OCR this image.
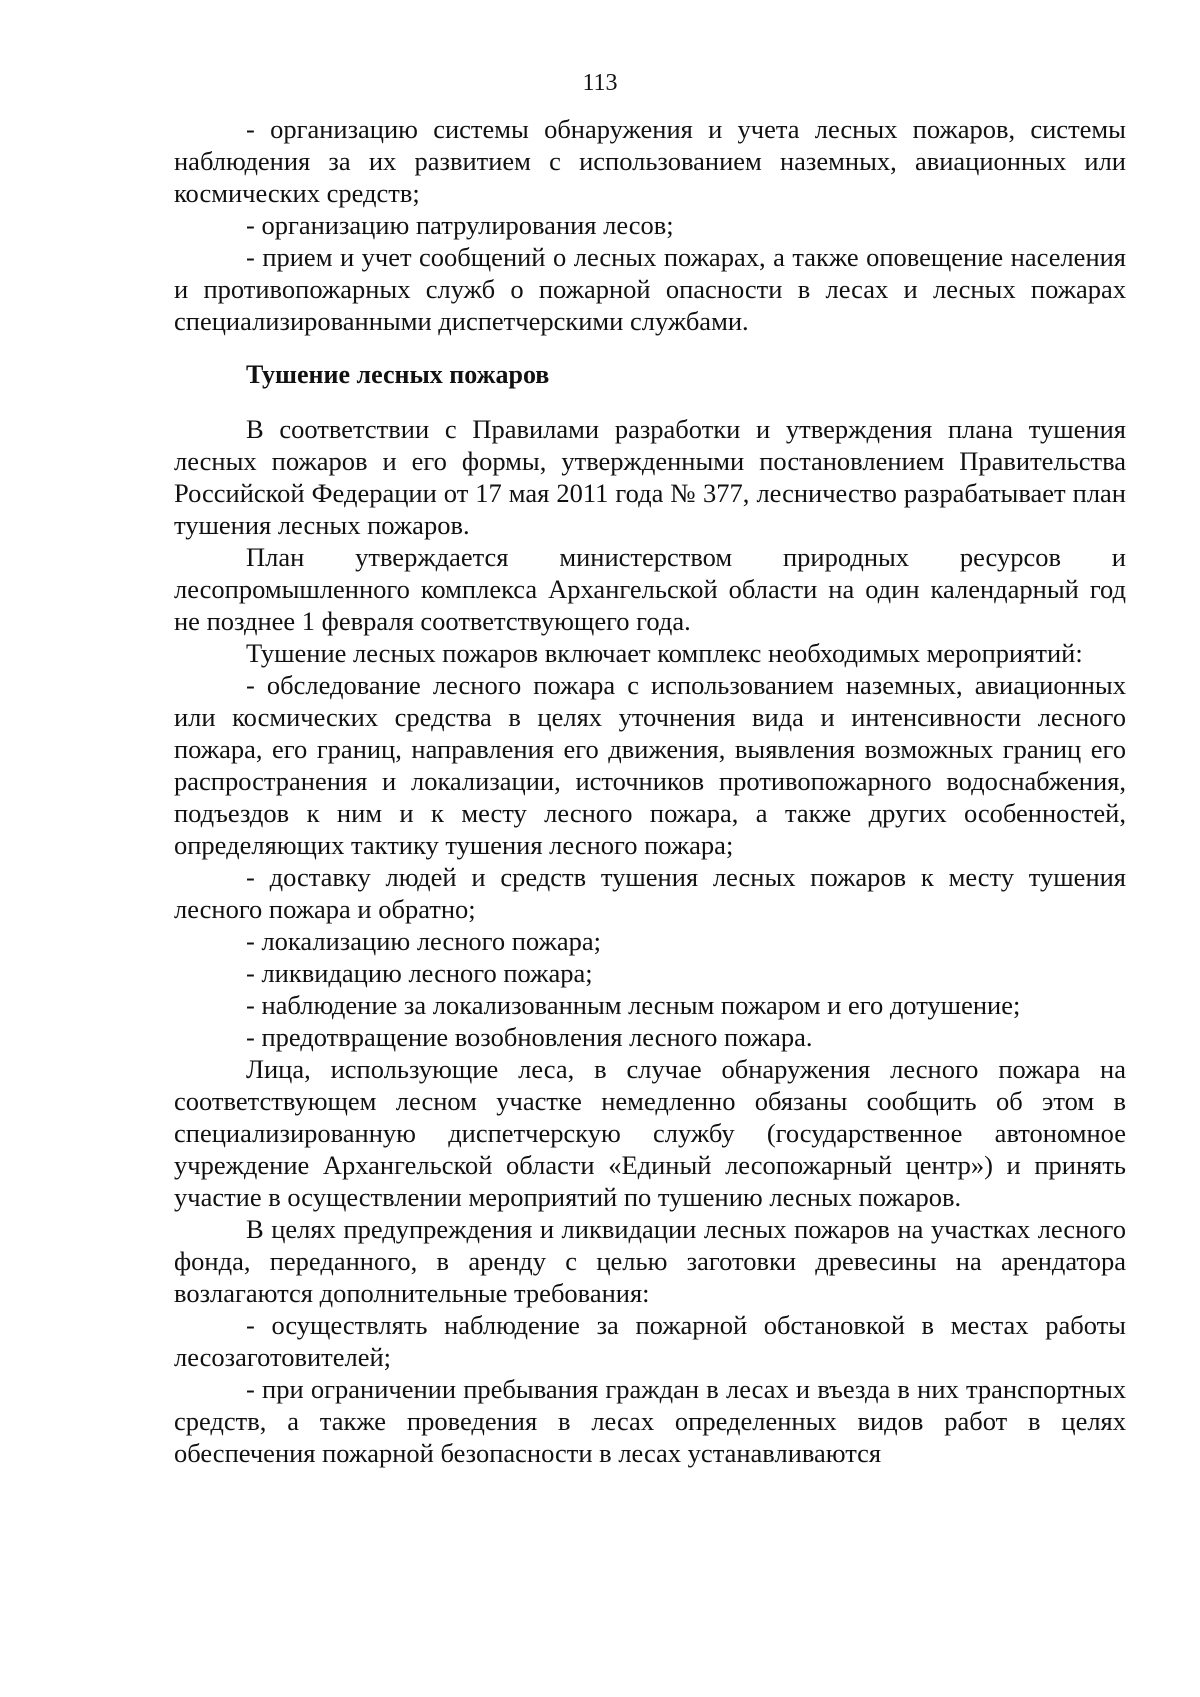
113

- организацию системы обнаружения и учета лесных пожаров, системы наблюдения за их развитием с использованием наземных, авиационных или космических средств;

- организацию патрулирования лесов;

- прием и учет сообщений о лесных пожарах, а также оповещение населения и противопожарных служб о пожарной опасности в лесах и лесных пожарах специализированными диспетчерскими службами.

Тушение лесных пожаров

В соответствии с Правилами разработки и утверждения плана тушения лесных пожаров и его формы, утвержденными постановлением Правительства Российской Федерации от 17 мая 2011 года № 377, лесничество разрабатывает план тушения лесных пожаров.

План утверждается министерством природных ресурсов и лесопромышленного комплекса Архангельской области на один календарный год не позднее 1 февраля соответствующего года.

Тушение лесных пожаров включает комплекс необходимых мероприятий:

- обследование лесного пожара с использованием наземных, авиационных или космических средства в целях уточнения вида и интенсивности лесного пожара, его границ, направления его движения, выявления возможных границ его распространения и локализации, источников противопожарного водоснабжения, подъездов к ним и к месту лесного пожара, а также других особенностей, определяющих тактику тушения лесного пожара;

- доставку людей и средств тушения лесных пожаров к месту тушения лесного пожара и обратно;

- локализацию лесного пожара;

- ликвидацию лесного пожара;

- наблюдение за локализованным лесным пожаром и его дотушение;

- предотвращение возобновления лесного пожара.

Лица, использующие леса, в случае обнаружения лесного пожара на соответствующем лесном участке немедленно обязаны сообщить об этом в специализированную диспетчерскую службу (государственное автономное учреждение Архангельской области «Единый лесопожарный центр») и принять участие в осуществлении мероприятий по тушению лесных пожаров.

В целях предупреждения и ликвидации лесных пожаров на участках лесного фонда, переданного, в аренду с целью заготовки древесины на арендатора возлагаются дополнительные требования:

- осуществлять наблюдение за пожарной обстановкой в местах работы лесозаготовителей;

- при ограничении пребывания граждан в лесах и въезда в них транспортных средств, а также проведения в лесах определенных видов работ в целях обеспечения пожарной безопасности в лесах устанавливаются
